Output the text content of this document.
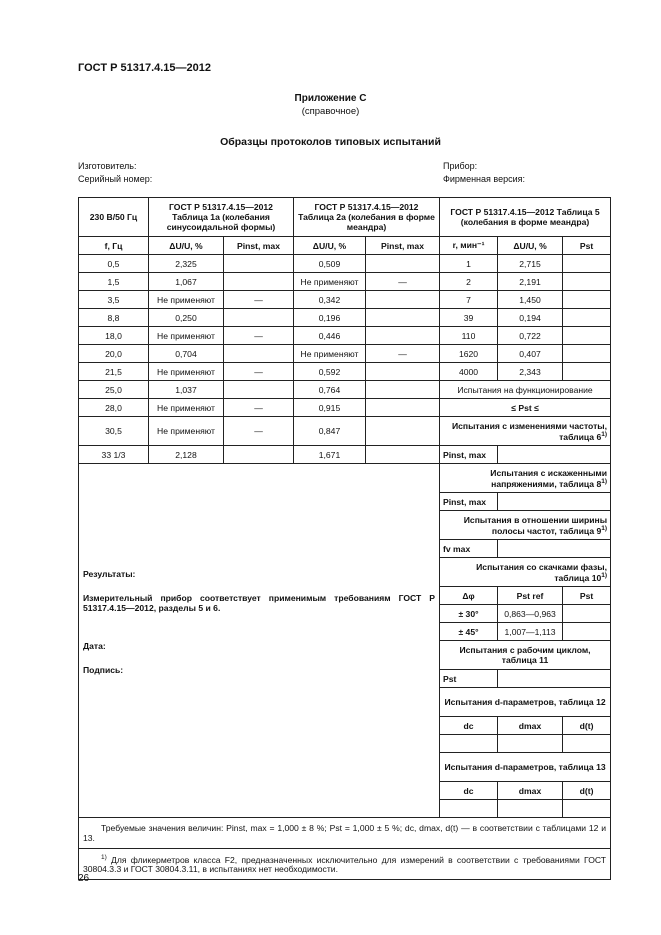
ГОСТ Р 51317.4.15—2012
Приложение С
(справочное)
Образцы протоколов типовых испытаний
Изготовитель:
Серийный номер:
Прибор:
Фирменная версия:
230 В/50 Гц	ГОСТ Р 51317.4.15—2012 Таблица 1а (колебания синусоидальной формы)		ГОСТ Р 51317.4.15—2012 Таблица 2а (колебания в форме меандра)		ГОСТ Р 51317.4.15—2012 Таблица 5 (колебания в форме меандра)		
f, Гц	ΔU/U, %	Pinst, max	ΔU/U, %	Pinst, max	r, мин⁻¹	ΔU/U, %	Pst
0,5	2,325		0,509		1	2,715	
1,5	1,067		Не применяют	—	2	2,191	
3,5	Не применяют	—	0,342		7	1,450	
8,8	0,250		0,196		39	0,194	
18,0	Не применяют	—	0,446		110	0,722	
20,0	0,704		Не применяют	—	1620	0,407	
21,5	Не применяют	—	0,592		4000	2,343	
25,0	1,037		0,764		Испытания на функционирование		
28,0	Не применяют	—	0,915		≤ Pst ≤		
30,5	Не применяют	—	0,847		Испытания с изменениями частоты, таблица 6$^{1)}$
33 1/3	2,128		1,671		Pinst, max		

Результаты:
Измерительный прибор соответствует применимым требованиям ГОСТ Р 51317.4.15—2012, разделы 5 и 6.
Дата:
Подпись:					Испытания с искаженными напряжениями, таблица 8$^{1)}$
					Pinst, max		
					Испытания в отношении ширины полосы частот, таблица 9$^{1)}$
					fv max		
					Испытания со скачками фазы, таблица 10$^{1)}$
					Δφ	Pst ref	Pst
					± 30°	0,863—0,963	
					± 45°	1,007—1,113	
					Испытания с рабочим циклом, таблица 11		
					Pst		
					Испытания d-параметров, таблица 12		
					dc	dmax	d(t)

					Испытания d-параметров, таблица 13		
					dc	dmax	d(t)

Требуемые значения величин: Pinst, max = 1,000 ± 8 %; Pst = 1,000 ± 5 %; dc, dmax, d(t) — в соответствии с таблицами 12 и 13.							
$^{1)}$ Для фликерметров класса F2, предназначенных исключительно для измерений в соответствии с требованиями ГОСТ 30804.3.3 и ГОСТ 30804.3.11, в испытаниях нет необходимости.							
26
